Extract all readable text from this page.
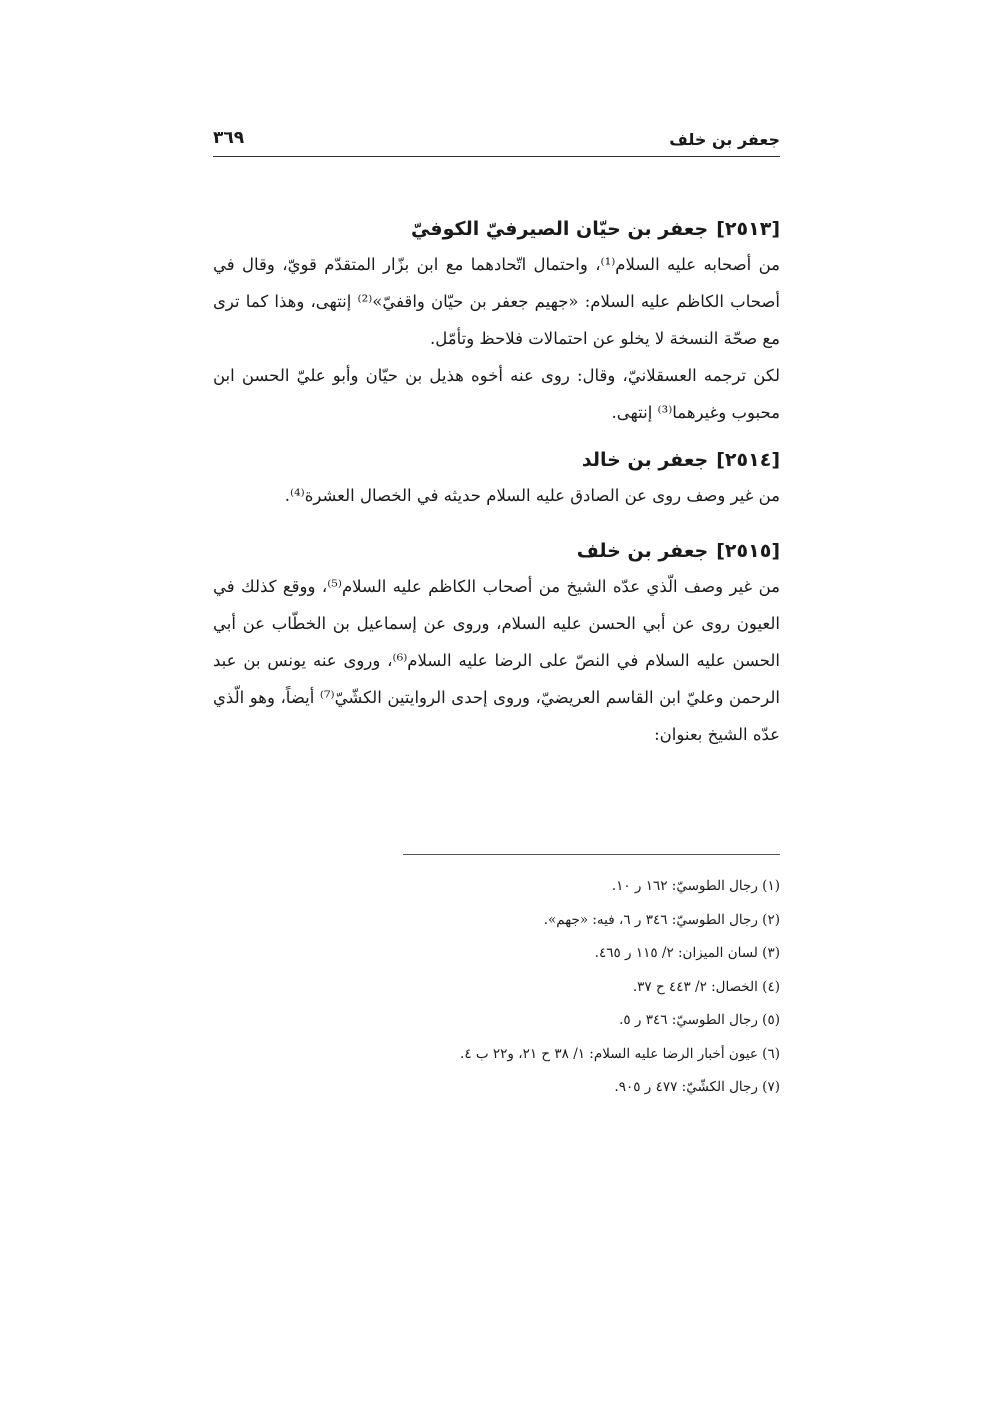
جعفر بن خلف
٣٦٩
[٢٥١٣]جعفر بن حيّان الصيرفيّ الكوفيّ

من أصحابه عليه السلام⁽¹⁾، واحتمال اتّحادهما مع ابن بزّار المتقدّم قويّ، وقال في أصحاب الكاظم عليه السلام: «جهيم جعفر بن حيّان واقفيّ»⁽²⁾ إنتهى، وهذا كما ترى مع صحّة النسخة لا يخلو عن احتمالات فلاحظ وتأمّل.

لكن ترجمه العسقلانيّ، وقال: روى عنه أخوه هذيل بن حيّان وأبو عليّ الحسن ابن محبوب وغيرهما⁽³⁾ إنتهى.

[٢٥١٤]جعفر بن خالد

من غير وصف روى عن الصادق عليه السلام حديثه في الخصال العشرة⁽⁴⁾.

[٢٥١٥]جعفر بن خلف

من غير وصف الّذي عدّه الشيخ من أصحاب الكاظم عليه السلام⁽⁵⁾، ووقع كذلك في العيون روى عن أبي الحسن عليه السلام، وروى عن إسماعيل بن الخطّاب عن أبي الحسن عليه السلام في النصّ على الرضا عليه السلام⁽⁶⁾، وروى عنه يونس بن عبد الرحمن وعليّ ابن القاسم العريضيّ، وروى إحدى الروايتين الكشّيّ⁽⁷⁾ أيضاً، وهو الّذي عدّه الشيخ بعنوان:

(١) رجال الطوسيّ: ١٦٢ ر ١٠.
(٢) رجال الطوسيّ: ٣٤٦ ر ٦، فيه: «جهم».
(٣) لسان الميزان: ٢/ ١١٥ ر ٤٦٥.
(٤) الخصال: ٢/ ٤٤٣ ح ٣٧.
(٥) رجال الطوسيّ: ٣٤٦ ر ٥.
(٦) عيون أخبار الرضا عليه السلام: ١/ ٣٨ ح ٢١، و٢٢ ب ٤.
(٧) رجال الكشّيّ: ٤٧٧ ر ٩٠٥.
